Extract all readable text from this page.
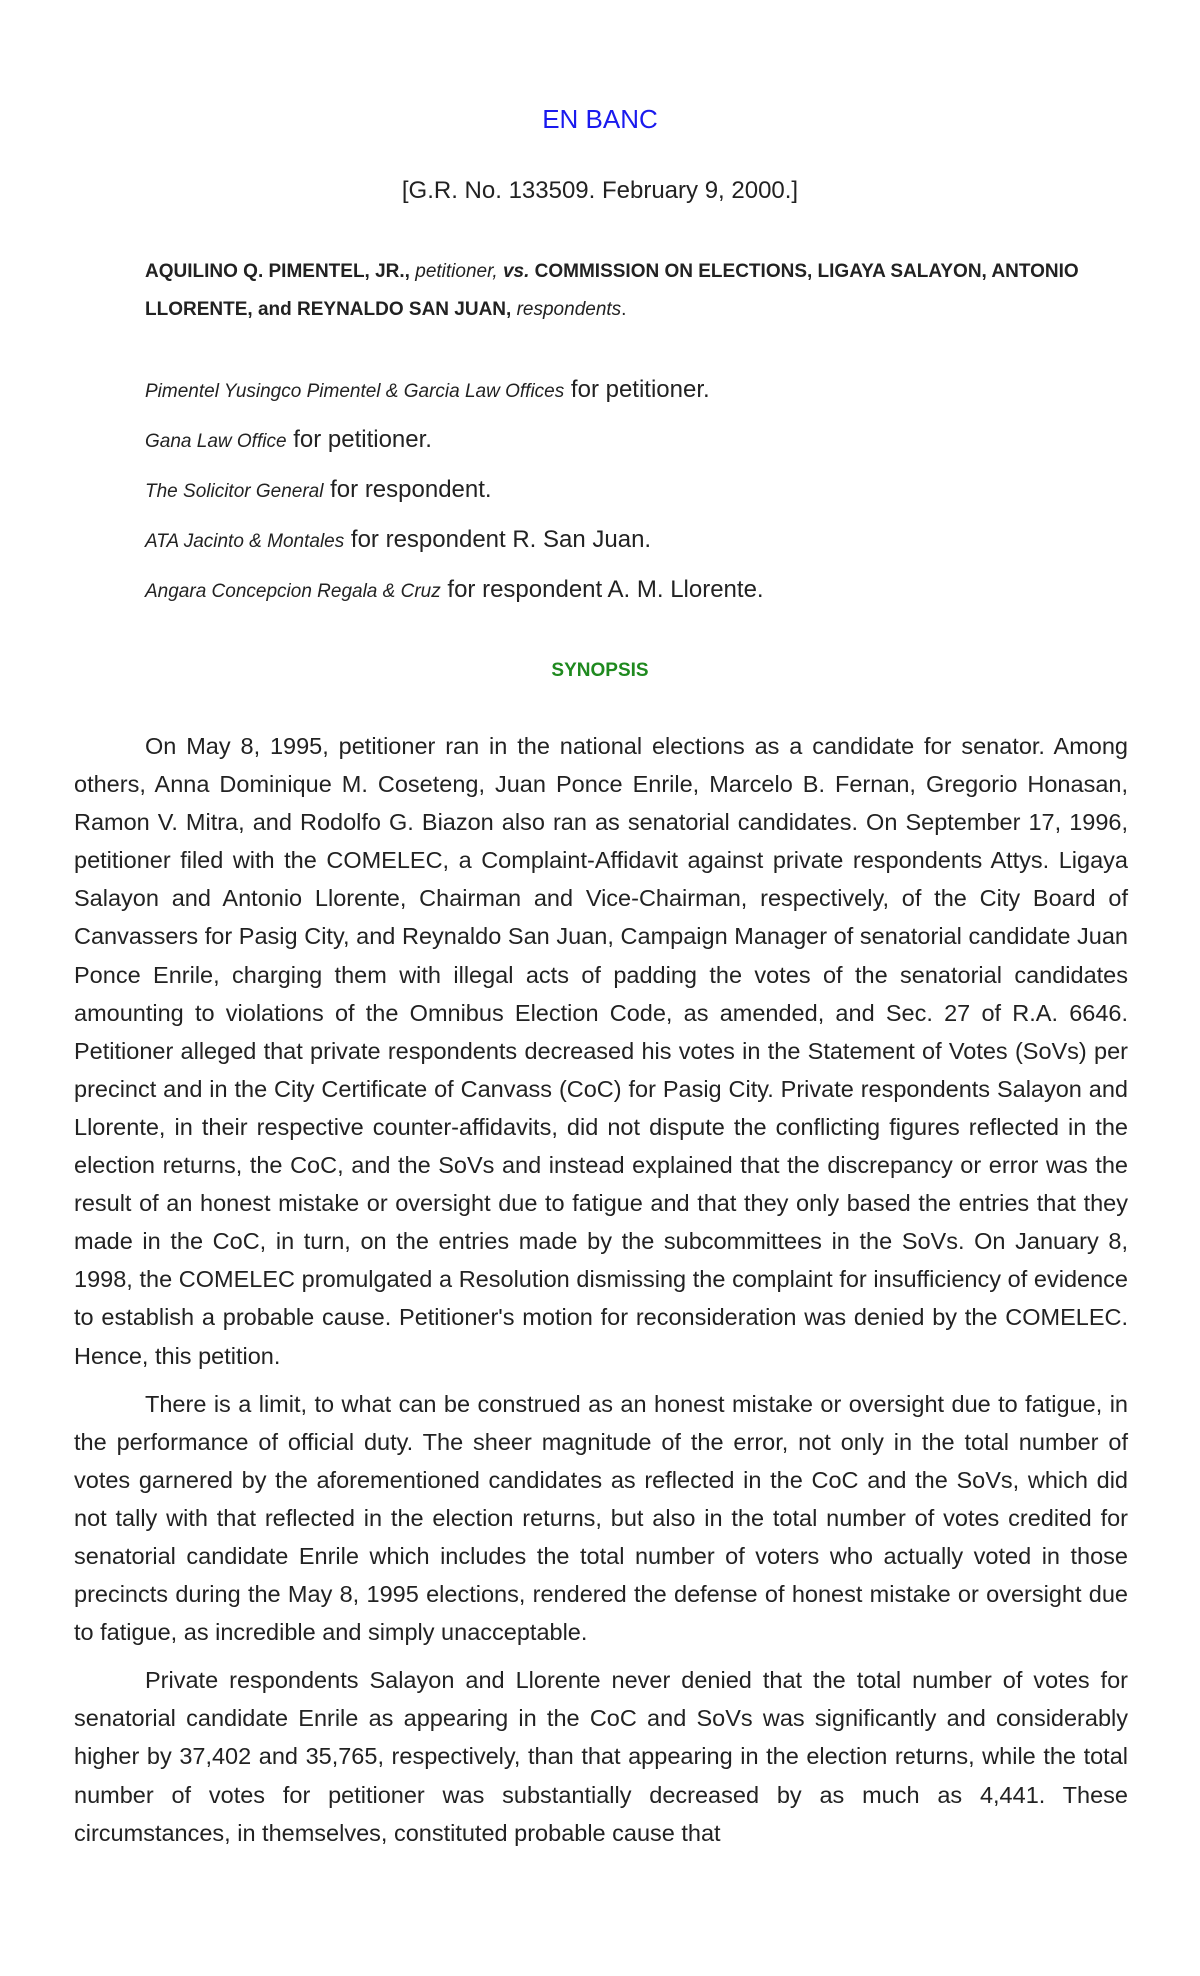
EN BANC
[G.R. No. 133509. February 9, 2000.]
AQUILINO Q. PIMENTEL, JR., petitioner, vs. COMMISSION ON ELECTIONS, LIGAYA SALAYON, ANTONIO LLORENTE, and REYNALDO SAN JUAN, respondents.
Pimentel Yusingco Pimentel & Garcia Law Offices for petitioner.
Gana Law Office for petitioner.
The Solicitor General for respondent.
ATA Jacinto & Montales for respondent R. San Juan.
Angara Concepcion Regala & Cruz for respondent A. M. Llorente.
SYNOPSIS

On May 8, 1995, petitioner ran in the national elections as a candidate for senator. Among others, Anna Dominique M. Coseteng, Juan Ponce Enrile, Marcelo B. Fernan, Gregorio Honasan, Ramon V. Mitra, and Rodolfo G. Biazon also ran as senatorial candidates. On September 17, 1996, petitioner filed with the COMELEC, a Complaint-Affidavit against private respondents Attys. Ligaya Salayon and Antonio Llorente, Chairman and Vice-Chairman, respectively, of the City Board of Canvassers for Pasig City, and Reynaldo San Juan, Campaign Manager of senatorial candidate Juan Ponce Enrile, charging them with illegal acts of padding the votes of the senatorial candidates amounting to violations of the Omnibus Election Code, as amended, and Sec. 27 of R.A. 6646. Petitioner alleged that private respondents decreased his votes in the Statement of Votes (SoVs) per precinct and in the City Certificate of Canvass (CoC) for Pasig City. Private respondents Salayon and Llorente, in their respective counter-affidavits, did not dispute the conflicting figures reflected in the election returns, the CoC, and the SoVs and instead explained that the discrepancy or error was the result of an honest mistake or oversight due to fatigue and that they only based the entries that they made in the CoC, in turn, on the entries made by the subcommittees in the SoVs. On January 8, 1998, the COMELEC promulgated a Resolution dismissing the complaint for insufficiency of evidence to establish a probable cause. Petitioner's motion for reconsideration was denied by the COMELEC. Hence, this petition.

There is a limit, to what can be construed as an honest mistake or oversight due to fatigue, in the performance of official duty. The sheer magnitude of the error, not only in the total number of votes garnered by the aforementioned candidates as reflected in the CoC and the SoVs, which did not tally with that reflected in the election returns, but also in the total number of votes credited for senatorial candidate Enrile which includes the total number of voters who actually voted in those precincts during the May 8, 1995 elections, rendered the defense of honest mistake or oversight due to fatigue, as incredible and simply unacceptable.

Private respondents Salayon and Llorente never denied that the total number of votes for senatorial candidate Enrile as appearing in the CoC and SoVs was significantly and considerably higher by 37,402 and 35,765, respectively, than that appearing in the election returns, while the total number of votes for petitioner was substantially decreased by as much as 4,441. These circumstances, in themselves, constituted probable cause that
